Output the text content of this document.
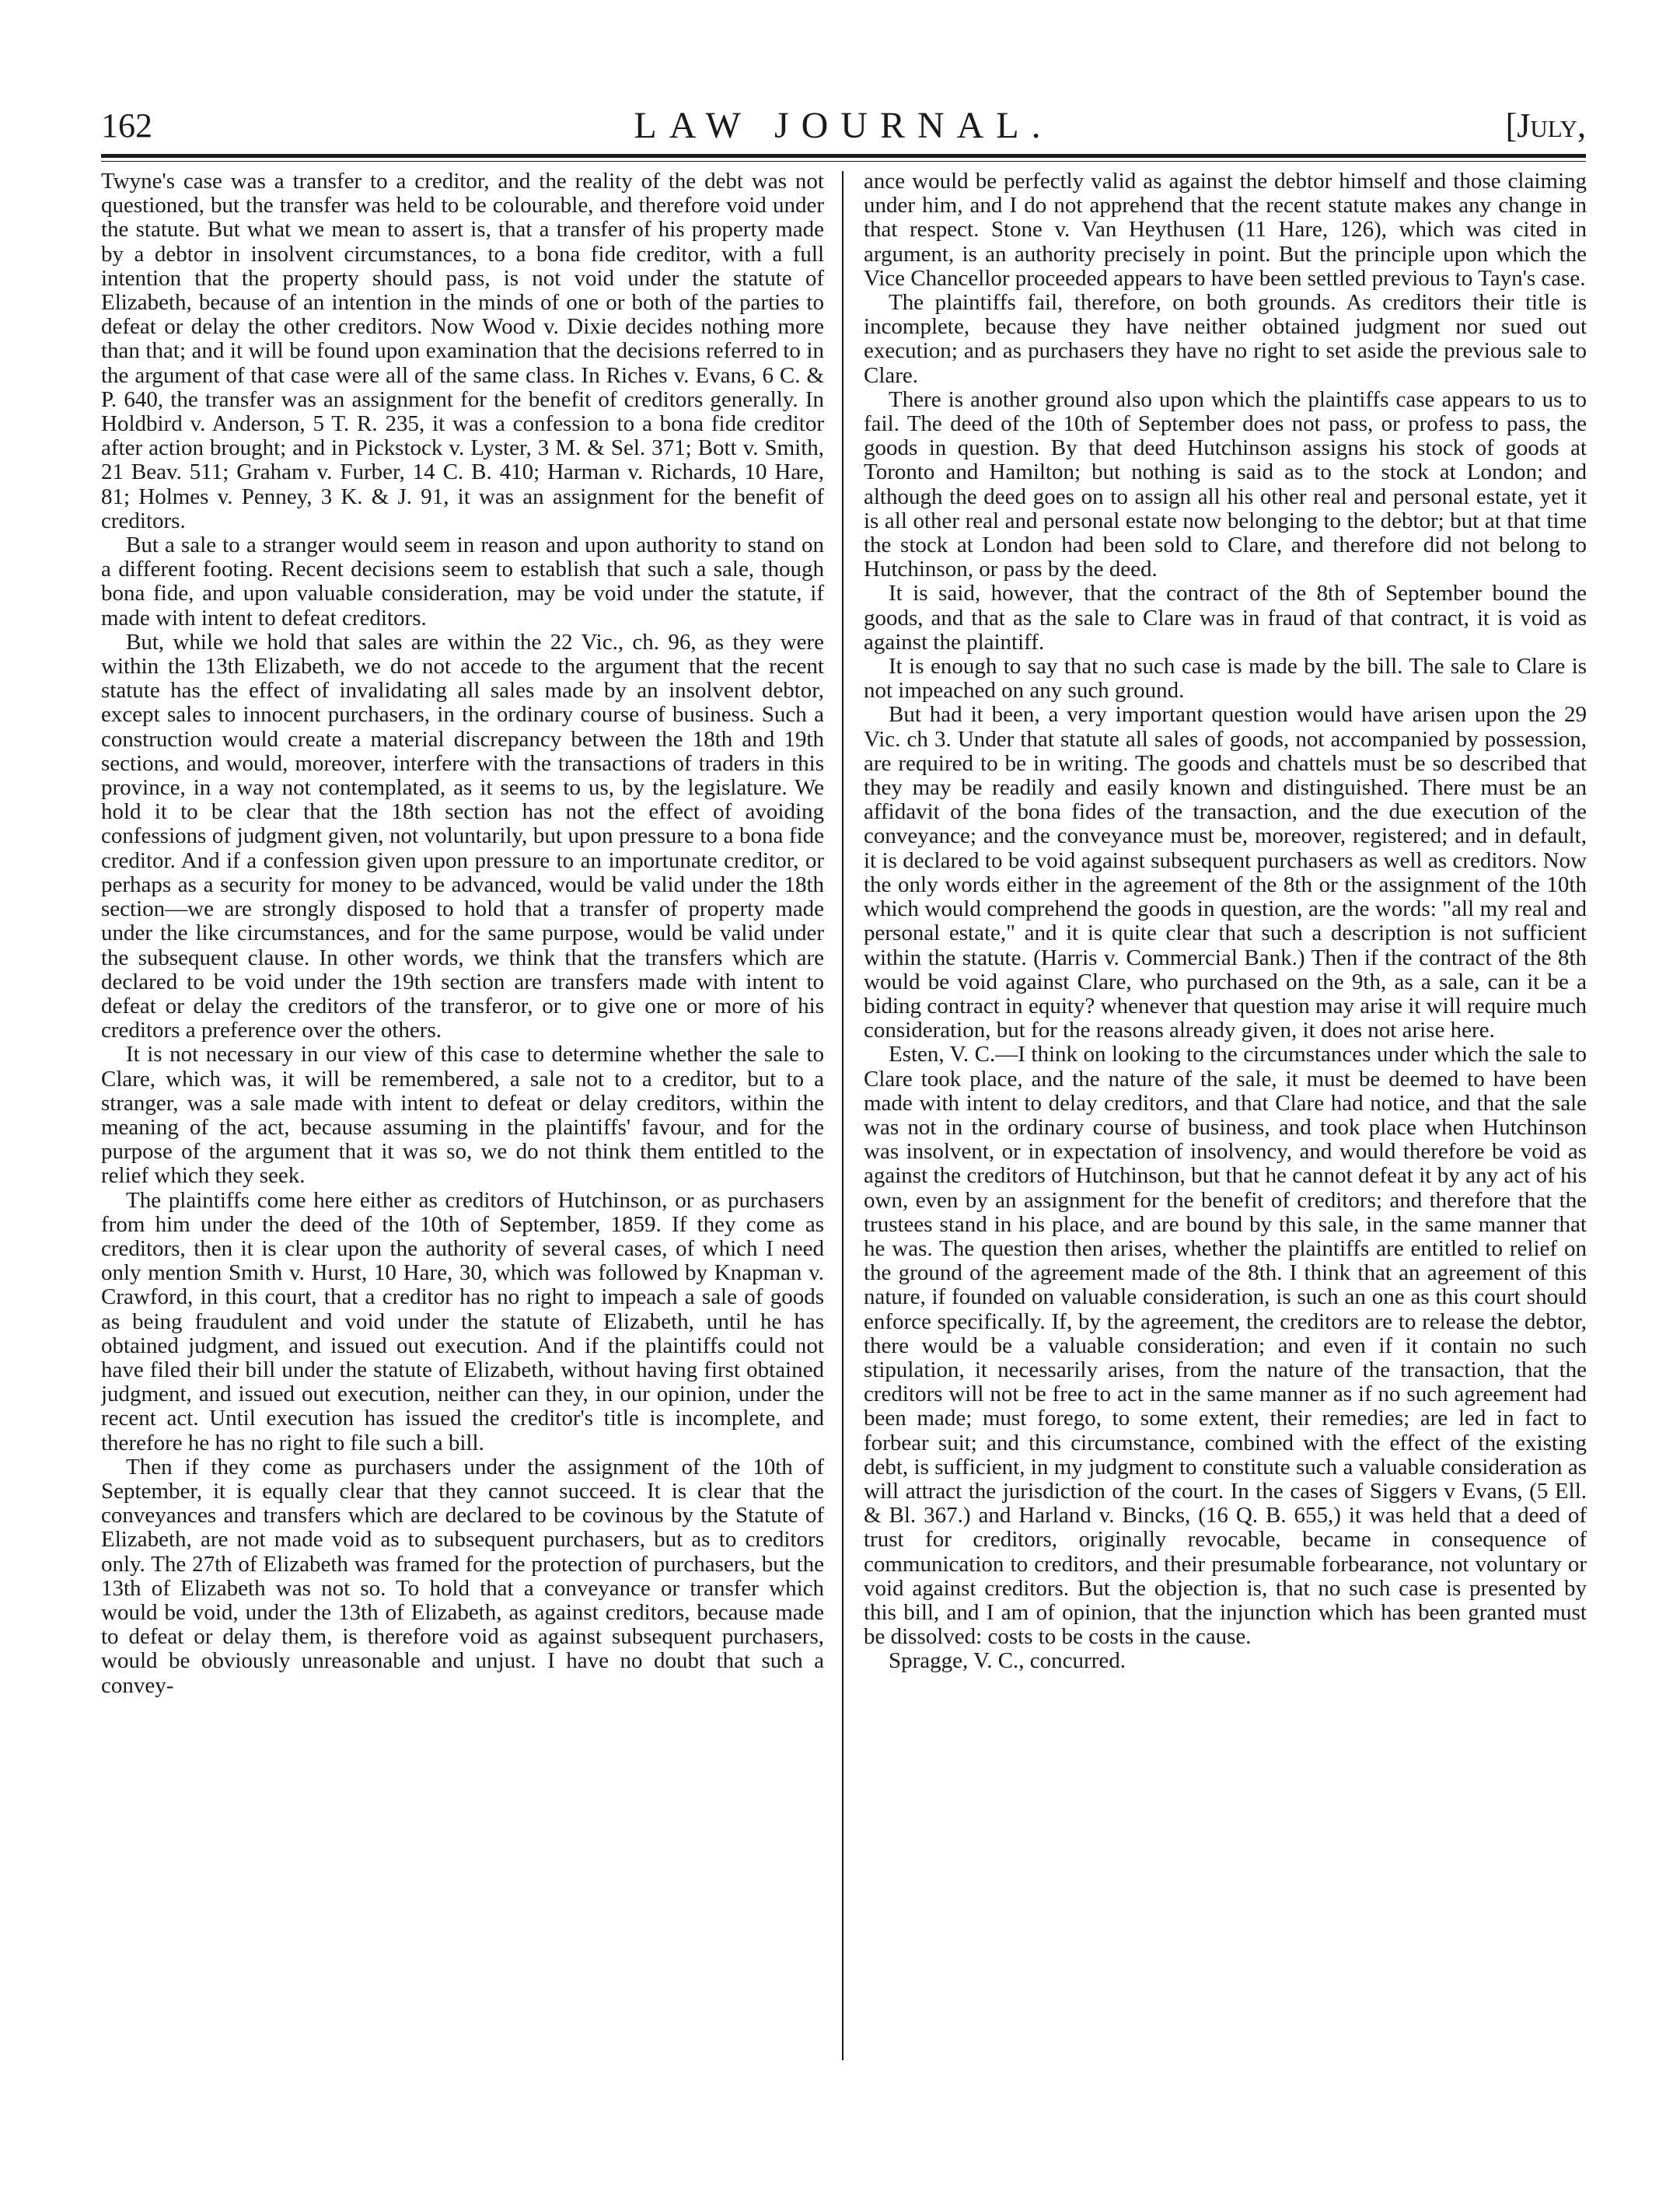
162	LAW JOURNAL.	[July,

Twyne's case was a transfer to a creditor, and the reality of the debt was not questioned, but the transfer was held to be colourable, and therefore void under the statute. But what we mean to assert is, that a transfer of his property made by a debtor in insolvent circumstances, to a bona fide creditor, with a full intention that the property should pass, is not void under the statute of Elizabeth, because of an intention in the minds of one or both of the parties to defeat or delay the other creditors. Now Wood v. Dixie decides nothing more than that; and it will be found upon examination that the decisions referred to in the argument of that case were all of the same class. In Riches v. Evans, 6 C. & P. 640, the transfer was an assignment for the benefit of creditors generally. In Holdbird v. Anderson, 5 T. R. 235, it was a confession to a bona fide creditor after action brought; and in Pickstock v. Lyster, 3 M. & Sel. 371; Bott v. Smith, 21 Beav. 511; Graham v. Furber, 14 C. B. 410; Harman v. Richards, 10 Hare, 81; Holmes v. Penney, 3 K. & J. 91, it was an assignment for the benefit of creditors.

But a sale to a stranger would seem in reason and upon authority to stand on a different footing. Recent decisions seem to establish that such a sale, though bona fide, and upon valuable consideration, may be void under the statute, if made with intent to defeat creditors.

But, while we hold that sales are within the 22 Vic., ch. 96, as they were within the 13th Elizabeth, we do not accede to the argument that the recent statute has the effect of invalidating all sales made by an insolvent debtor, except sales to innocent purchasers, in the ordinary course of business. Such a construction would create a material discrepancy between the 18th and 19th sections, and would, moreover, interfere with the transactions of traders in this province, in a way not contemplated, as it seems to us, by the legislature. We hold it to be clear that the 18th section has not the effect of avoiding confessions of judgment given, not voluntarily, but upon pressure to a bona fide creditor. And if a confession given upon pressure to an importunate creditor, or perhaps as a security for money to be advanced, would be valid under the 18th section—we are strongly disposed to hold that a transfer of property made under the like circumstances, and for the same purpose, would be valid under the subsequent clause. In other words, we think that the transfers which are declared to be void under the 19th section are transfers made with intent to defeat or delay the creditors of the transferor, or to give one or more of his creditors a preference over the others.

It is not necessary in our view of this case to determine whether the sale to Clare, which was, it will be remembered, a sale not to a creditor, but to a stranger, was a sale made with intent to defeat or delay creditors, within the meaning of the act, because assuming in the plaintiffs' favour, and for the purpose of the argument that it was so, we do not think them entitled to the relief which they seek.

The plaintiffs come here either as creditors of Hutchinson, or as purchasers from him under the deed of the 10th of September, 1859. If they come as creditors, then it is clear upon the authority of several cases, of which I need only mention Smith v. Hurst, 10 Hare, 30, which was followed by Knapman v. Crawford, in this court, that a creditor has no right to impeach a sale of goods as being fraudulent and void under the statute of Elizabeth, until he has obtained judgment, and issued out execution. And if the plaintiffs could not have filed their bill under the statute of Elizabeth, without having first obtained judgment, and issued out execution, neither can they, in our opinion, under the recent act. Until execution has issued the creditor's title is incomplete, and therefore he has no right to file such a bill.

Then if they come as purchasers under the assignment of the 10th of September, it is equally clear that they cannot succeed. It is clear that the conveyances and transfers which are declared to be covinous by the Statute of Elizabeth, are not made void as to subsequent purchasers, but as to creditors only. The 27th of Elizabeth was framed for the protection of purchasers, but the 13th of Elizabeth was not so. To hold that a conveyance or transfer which would be void, under the 13th of Elizabeth, as against creditors, because made to defeat or delay them, is therefore void as against subsequent purchasers, would be obviously unreasonable and unjust. I have no doubt that such a convey-

ance would be perfectly valid as against the debtor himself and those claiming under him, and I do not apprehend that the recent statute makes any change in that respect. Stone v. Van Heythusen (11 Hare, 126), which was cited in argument, is an authority precisely in point. But the principle upon which the Vice Chancellor proceeded appears to have been settled previous to Tayn's case.

The plaintiffs fail, therefore, on both grounds. As creditors their title is incomplete, because they have neither obtained judgment nor sued out execution; and as purchasers they have no right to set aside the previous sale to Clare.

There is another ground also upon which the plaintiffs case appears to us to fail. The deed of the 10th of September does not pass, or profess to pass, the goods in question. By that deed Hutchinson assigns his stock of goods at Toronto and Hamilton; but nothing is said as to the stock at London; and although the deed goes on to assign all his other real and personal estate, yet it is all other real and personal estate now belonging to the debtor; but at that time the stock at London had been sold to Clare, and therefore did not belong to Hutchinson, or pass by the deed.

It is said, however, that the contract of the 8th of September bound the goods, and that as the sale to Clare was in fraud of that contract, it is void as against the plaintiff.

It is enough to say that no such case is made by the bill. The sale to Clare is not impeached on any such ground.

But had it been, a very important question would have arisen upon the 29 Vic. ch 3. Under that statute all sales of goods, not accompanied by possession, are required to be in writing. The goods and chattels must be so described that they may be readily and easily known and distinguished. There must be an affidavit of the bona fides of the transaction, and the due execution of the conveyance; and the conveyance must be, moreover, registered; and in default, it is declared to be void against subsequent purchasers as well as creditors. Now the only words either in the agreement of the 8th or the assignment of the 10th which would comprehend the goods in question, are the words: "all my real and personal estate," and it is quite clear that such a description is not sufficient within the statute. (Harris v. Commercial Bank.) Then if the contract of the 8th would be void against Clare, who purchased on the 9th, as a sale, can it be a biding contract in equity? whenever that question may arise it will require much consideration, but for the reasons already given, it does not arise here.

Esten, V. C.—I think on looking to the circumstances under which the sale to Clare took place, and the nature of the sale, it must be deemed to have been made with intent to delay creditors, and that Clare had notice, and that the sale was not in the ordinary course of business, and took place when Hutchinson was insolvent, or in expectation of insolvency, and would therefore be void as against the creditors of Hutchinson, but that he cannot defeat it by any act of his own, even by an assignment for the benefit of creditors; and therefore that the trustees stand in his place, and are bound by this sale, in the same manner that he was. The question then arises, whether the plaintiffs are entitled to relief on the ground of the agreement made of the 8th. I think that an agreement of this nature, if founded on valuable consideration, is such an one as this court should enforce specifically. If, by the agreement, the creditors are to release the debtor, there would be a valuable consideration; and even if it contain no such stipulation, it necessarily arises, from the nature of the transaction, that the creditors will not be free to act in the same manner as if no such agreement had been made; must forego, to some extent, their remedies; are led in fact to forbear suit; and this circumstance, combined with the effect of the existing debt, is sufficient, in my judgment to constitute such a valuable consideration as will attract the jurisdiction of the court. In the cases of Siggers v Evans, (5 Ell. & Bl. 367.) and Harland v. Bincks, (16 Q. B. 655,) it was held that a deed of trust for creditors, originally revocable, became in consequence of communication to creditors, and their presumable forbearance, not voluntary or void against creditors. But the objection is, that no such case is presented by this bill, and I am of opinion, that the injunction which has been granted must be dissolved: costs to be costs in the cause.

Spragge, V. C., concurred.
